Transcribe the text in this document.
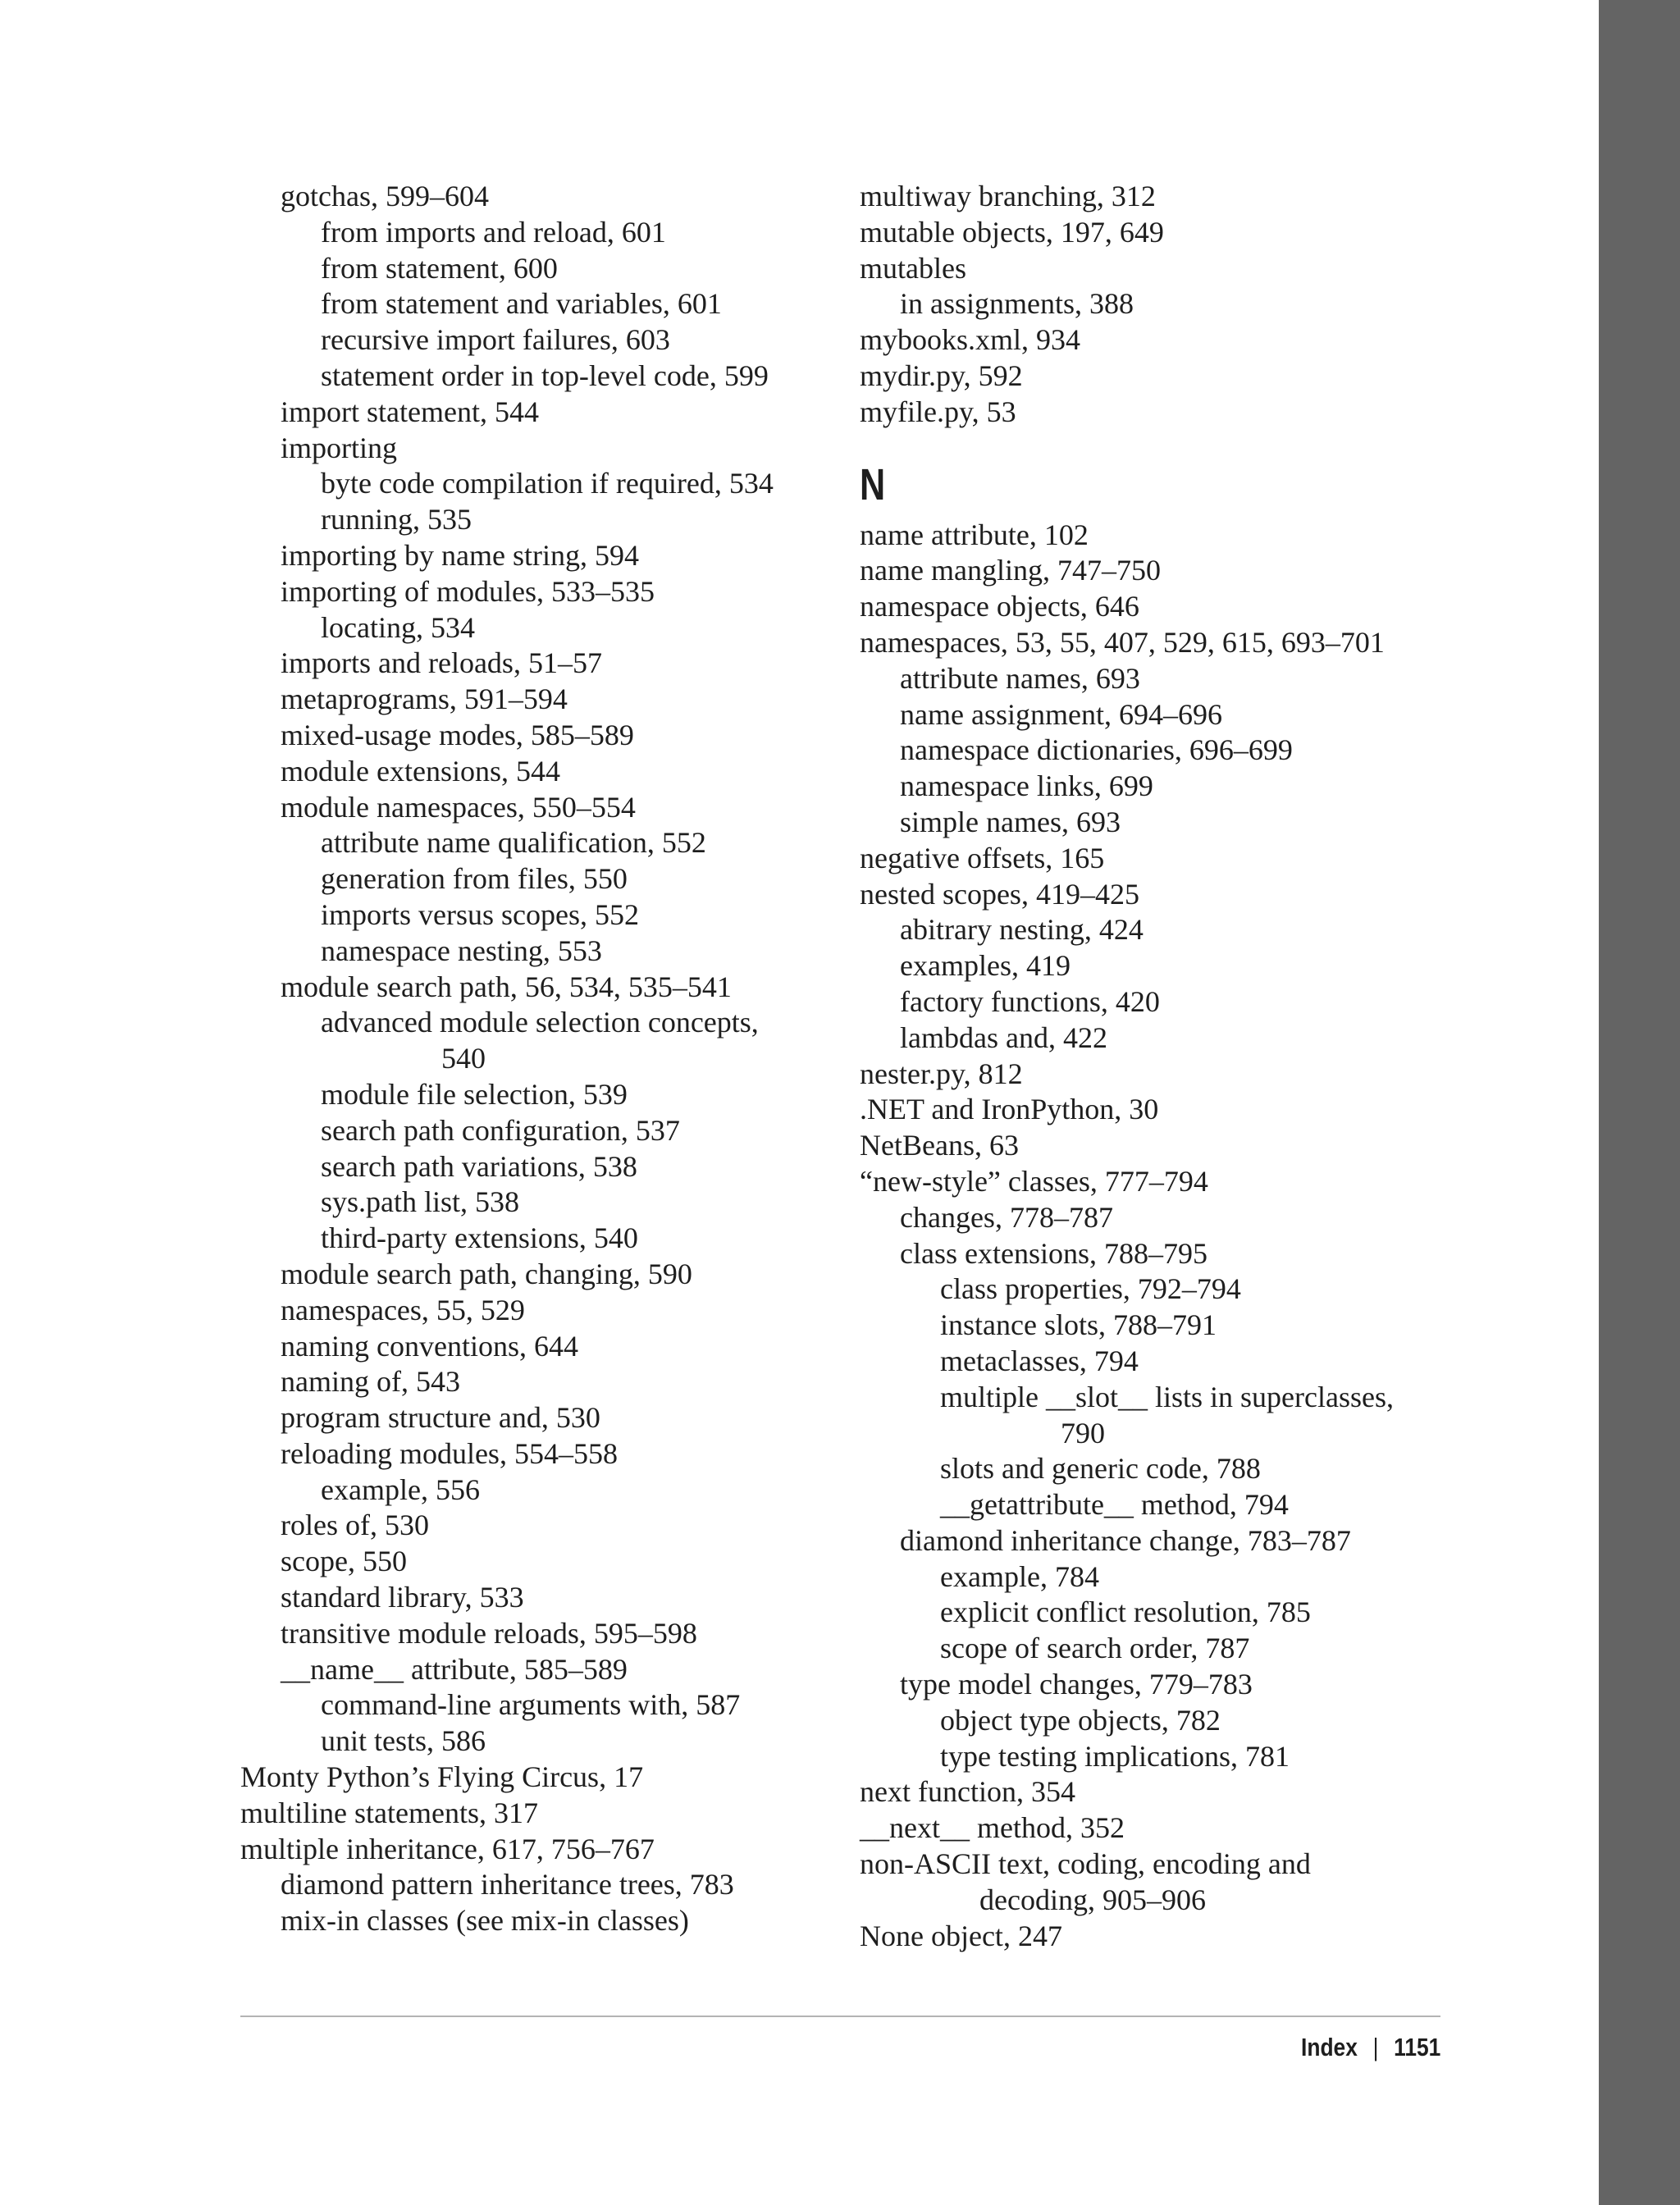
gotchas, 599–604
from imports and reload, 601
from statement, 600
from statement and variables, 601
recursive import failures, 603
statement order in top-level code, 599
import statement, 544
importing
byte code compilation if required, 534
running, 535
importing by name string, 594
importing of modules, 533–535
locating, 534
imports and reloads, 51–57
metaprograms, 591–594
mixed-usage modes, 585–589
module extensions, 544
module namespaces, 550–554
attribute name qualification, 552
generation from files, 550
imports versus scopes, 552
namespace nesting, 553
module search path, 56, 534, 535–541
advanced module selection concepts,
540
module file selection, 539
search path configuration, 537
search path variations, 538
sys.path list, 538
third-party extensions, 540
module search path, changing, 590
namespaces, 55, 529
naming conventions, 644
naming of, 543
program structure and, 530
reloading modules, 554–558
example, 556
roles of, 530
scope, 550
standard library, 533
transitive module reloads, 595–598
__name__ attribute, 585–589
command-line arguments with, 587
unit tests, 586
Monty Python’s Flying Circus, 17
multiline statements, 317
multiple inheritance, 617, 756–767
diamond pattern inheritance trees, 783
mix-in classes (see mix-in classes)
multiway branching, 312
mutable objects, 197, 649
mutables
in assignments, 388
mybooks.xml, 934
mydir.py, 592
myfile.py, 53
N
name attribute, 102
name mangling, 747–750
namespace objects, 646
namespaces, 53, 55, 407, 529, 615, 693–701
attribute names, 693
name assignment, 694–696
namespace dictionaries, 696–699
namespace links, 699
simple names, 693
negative offsets, 165
nested scopes, 419–425
abitrary nesting, 424
examples, 419
factory functions, 420
lambdas and, 422
nester.py, 812
.NET and IronPython, 30
NetBeans, 63
“new-style” classes, 777–794
changes, 778–787
class extensions, 788–795
class properties, 792–794
instance slots, 788–791
metaclasses, 794
multiple __slot__ lists in superclasses,
790
slots and generic code, 788
__getattribute__ method, 794
diamond inheritance change, 783–787
example, 784
explicit conflict resolution, 785
scope of search order, 787
type model changes, 779–783
object type objects, 782
type testing implications, 781
next function, 354
__next__ method, 352
non-ASCII text, coding, encoding and
decoding, 905–906
None object, 247
Index | 1151
